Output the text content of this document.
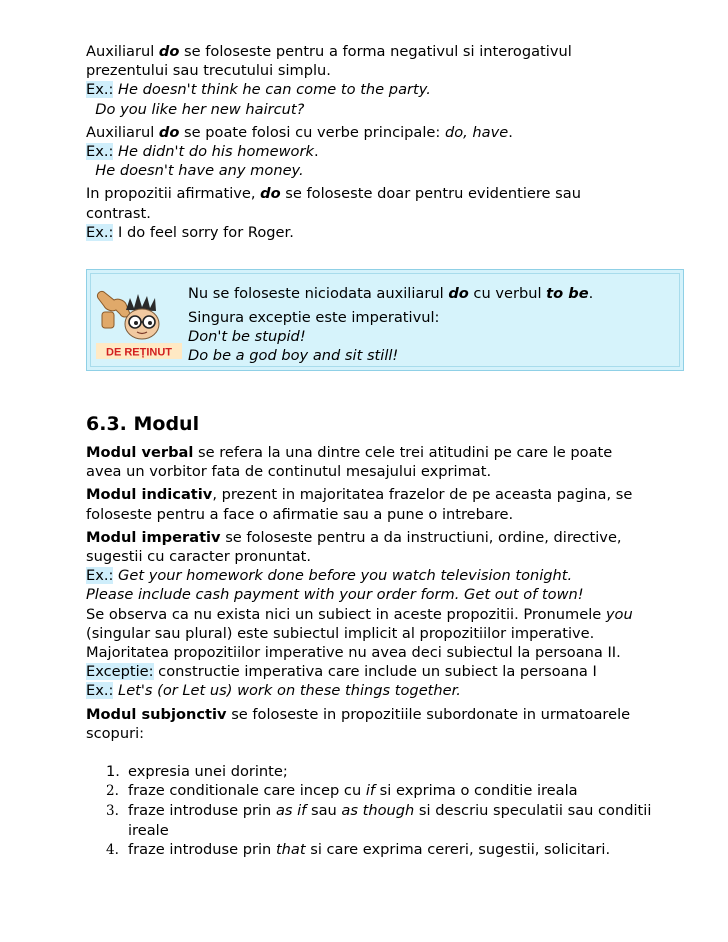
Auxiliarul do se foloseste pentru a forma negativul si interogativul
prezentului sau trecutului simplu.
Ex.: He doesn't think he can come to the party.
Do you like her new haircut?
Auxiliarul do se poate folosi cu verbe principale: do, have.
Ex.: He didn't do his homework.
He doesn't have any money.
In propozitii afirmative, do se foloseste doar pentru evidentiere sau
contrast.
Ex.: I do feel sorry for Roger.
DE REȚINUT
Nu se foloseste niciodata auxiliarul do cu verbul to be.
Singura exceptie este imperativul:
Don't be stupid!
Do be a god boy and sit still!
6.3. Modul
Modul verbal se refera la una dintre cele trei atitudini pe care le poate
avea un vorbitor fata de continutul mesajului exprimat.
Modul indicativ, prezent in majoritatea frazelor de pe aceasta pagina, se
foloseste pentru a face o afirmatie sau a pune o intrebare.
Modul imperativ se foloseste pentru a da instructiuni, ordine, directive,
sugestii cu caracter pronuntat.
Ex.: Get your homework done before you watch television tonight.
Please include cash payment with your order form. Get out of town!
Se observa ca nu exista nici un subiect in aceste propozitii. Pronumele you
(singular sau plural) este subiectul implicit al propozitiilor imperative.
Majoritatea propozitiilor imperative nu avea deci subiectul la persoana II.
Exceptie: constructie imperativa care include un subiect la persoana I
Ex.: Let's (or Let us) work on these things together.
Modul subjonctiv se foloseste in propozitiile subordonate in urmatoarele
scopuri:
1. expresia unei dorinte;
2. fraze conditionale care incep cu if si exprima o conditie ireala
3. fraze introduse prin as if sau as though si descriu speculatii sau conditii
ireale
4. fraze introduse prin that si care exprima cereri, sugestii, solicitari.
